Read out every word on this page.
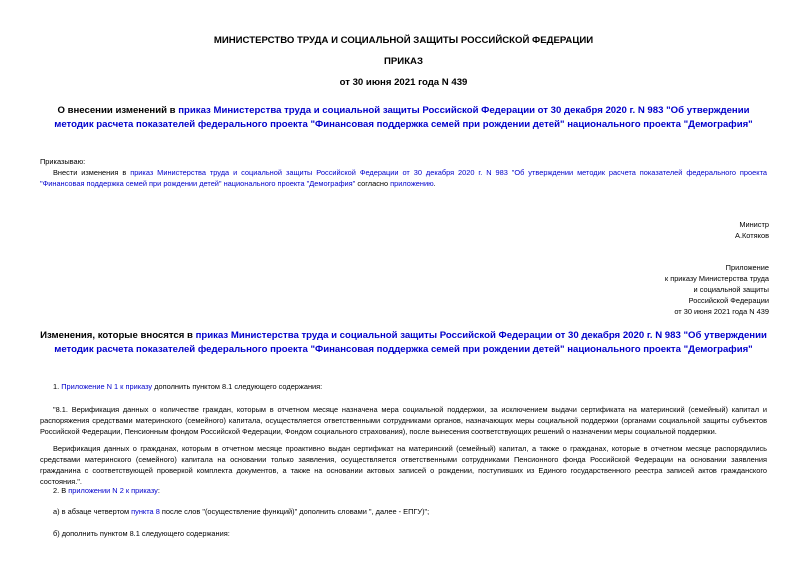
МИНИСТЕРСТВО ТРУДА И СОЦИАЛЬНОЙ ЗАЩИТЫ РОССИЙСКОЙ ФЕДЕРАЦИИ
ПРИКАЗ
от 30 июня 2021 года N 439
О внесении изменений в приказ Министерства труда и социальной защиты Российской Федерации от 30 декабря 2020 г. N 983 "Об утверждении методик расчета показателей федерального проекта "Финансовая поддержка семей при рождении детей" национального проекта "Демография"
Приказываю:
Внести изменения в приказ Министерства труда и социальной защиты Российской Федерации от 30 декабря 2020 г. N 983 "Об утверждении методик расчета показателей федерального проекта "Финансовая поддержка семей при рождении детей" национального проекта "Демография" согласно приложению.
Министр
А.Котяков
Приложение
к приказу Министерства труда
и социальной защиты
Российской Федерации
от 30 июня 2021 года N 439
Изменения, которые вносятся в приказ Министерства труда и социальной защиты Российской Федерации от 30 декабря 2020 г. N 983 "Об утверждении методик расчета показателей федерального проекта "Финансовая поддержка семей при рождении детей" национального проекта "Демография"
1. Приложение N 1 к приказу дополнить пунктом 8.1 следующего содержания:
"8.1. Верификация данных о количестве граждан, которым в отчетном месяце назначена мера социальной поддержки, за исключением выдачи сертификата на материнский (семейный) капитал и распоряжения средствами материнского (семейного) капитала, осуществляется ответственными сотрудниками органов, назначающих меры социальной поддержки (органами социальной защиты субъектов Российской Федерации, Пенсионным фондом Российской Федерации, Фондом социального страхования), после вынесения соответствующих решений о назначении меры социальной поддержки.
Верификация данных о гражданах, которым в отчетном месяце проактивно выдан сертификат на материнский (семейный) капитал, а также о гражданах, которые в отчетном месяце распорядились средствами материнского (семейного) капитала на основании только заявления, осуществляется ответственными сотрудниками Пенсионного фонда Российской Федерации на основании заявления гражданина с соответствующей проверкой комплекта документов, а также на основании актовых записей о рождении, поступивших из Единого государственного реестра записей актов гражданского состояния.".
2. В приложении N 2 к приказу:
а) в абзаце четвертом пункта 8 после слов "(осуществление функций)" дополнить словами ", далее - ЕПГУ)";
б) дополнить пунктом 8.1 следующего содержания:
